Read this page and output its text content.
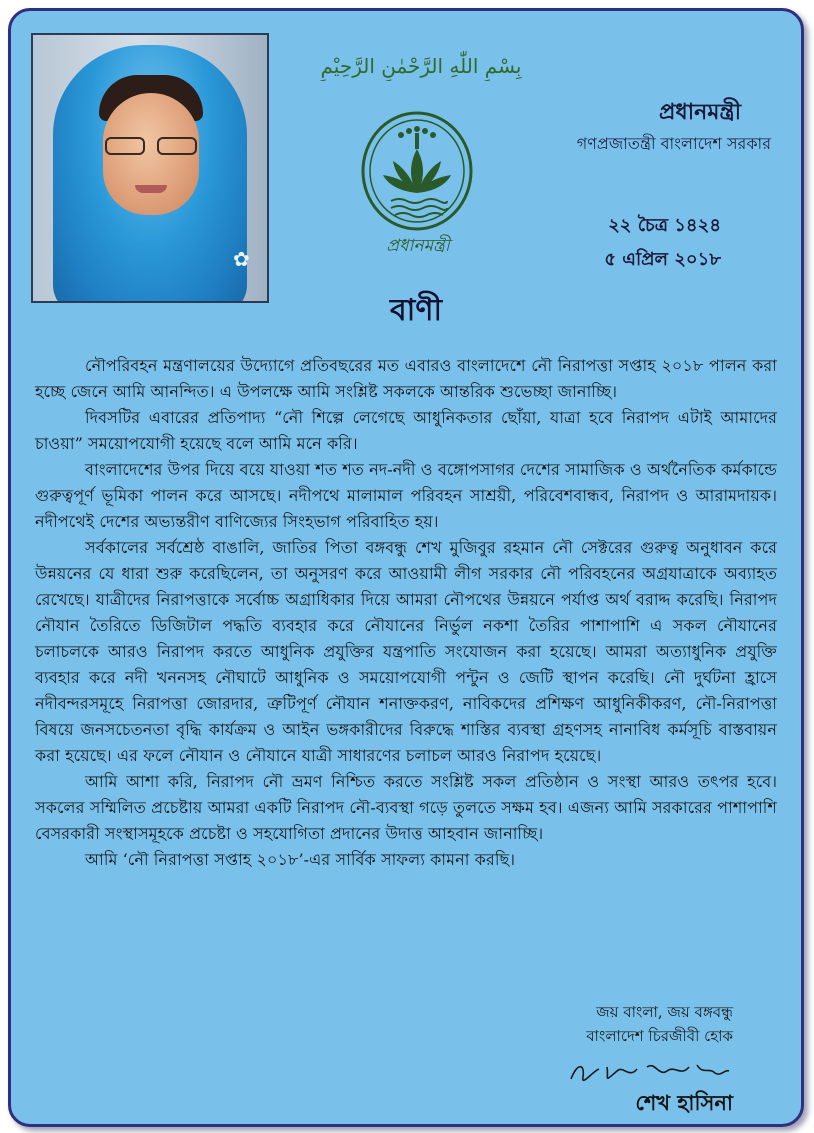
✿
بِسْمِ اللّٰهِ الرَّحْمٰنِ الرَّحِيْمِ
প্রধানমন্ত্রী
প্রধানমন্ত্রী
গণপ্রজাতন্ত্রী বাংলাদেশ সরকার
২২ চৈত্র ১৪২৪
৫ এপ্রিল ২০১৮
বাণী

নৌপরিবহন মন্ত্রণালয়ের উদ্যোগে প্রতিবছরের মত এবারও বাংলাদেশে নৌ নিরাপত্তা সপ্তাহ ২০১৮ পালন করা হচ্ছে জেনে আমি আনন্দিত। এ উপলক্ষে আমি সংশ্লিষ্ট সকলকে আন্তরিক শুভেচ্ছা জানাচ্ছি।

দিবসটির এবারের প্রতিপাদ্য “নৌ শিল্পে লেগেছে আধুনিকতার ছোঁয়া, যাত্রা হবে নিরাপদ এটাই আমাদের চাওয়া” সময়োপযোগী হয়েছে বলে আমি মনে করি।

বাংলাদেশের উপর দিয়ে বয়ে যাওয়া শত শত নদ-নদী ও বঙ্গোপসাগর দেশের সামাজিক ও অর্থনৈতিক কর্মকান্ডে গুরুত্বপূর্ণ ভূমিকা পালন করে আসছে। নদীপথে মালামাল পরিবহন সাশ্রয়ী, পরিবেশবান্ধব, নিরাপদ ও আরামদায়ক। নদীপথেই দেশের অভ্যন্তরীণ বাণিজ্যের সিংহভাগ পরিবাহিত হয়।

সর্বকালের সর্বশ্রেষ্ঠ বাঙালি, জাতির পিতা বঙ্গবন্ধু শেখ মুজিবুর রহমান নৌ সেক্টরের গুরুত্ব অনুধাবন করে উন্নয়নের যে ধারা শুরু করেছিলেন, তা অনুসরণ করে আওয়ামী লীগ সরকার নৌ পরিবহনের অগ্রযাত্রাকে অব্যাহত রেখেছে। যাত্রীদের নিরাপত্তাকে সর্বোচ্চ অগ্রাধিকার দিয়ে আমরা নৌপথের উন্নয়নে পর্যাপ্ত অর্থ বরাদ্দ করেছি। নিরাপদ নৌযান তৈরিতে ডিজিটাল পদ্ধতি ব্যবহার করে নৌযানের নির্ভুল নকশা তৈরির পাশাপাশি এ সকল নৌযানের চলাচলকে আরও নিরাপদ করতে আধুনিক প্রযুক্তির যন্ত্রপাতি সংযোজন করা হয়েছে। আমরা অত্যাধুনিক প্রযুক্তি ব্যবহার করে নদী খননসহ নৌঘাটে আধুনিক ও সময়োপযোগী পন্টুন ও জেটি স্থাপন করেছি। নৌ দুর্ঘটনা হ্রাসে নদীবন্দরসমূহে নিরাপত্তা জোরদার, ত্রুটিপূর্ণ নৌযান শনাক্তকরণ, নাবিকদের প্রশিক্ষণ আধুনিকীকরণ, নৌ-নিরাপত্তা বিষয়ে জনসচেতনতা বৃদ্ধি কার্যক্রম ও আইন ভঙ্গকারীদের বিরুদ্ধে শাস্তির ব্যবস্থা গ্রহণসহ নানাবিধ কর্মসূচি বাস্তবায়ন করা হয়েছে। এর ফলে নৌযান ও নৌযানে যাত্রী সাধারণের চলাচল আরও নিরাপদ হয়েছে।

আমি আশা করি, নিরাপদ নৌ ভ্রমণ নিশ্চিত করতে সংশ্লিষ্ট সকল প্রতিষ্ঠান ও সংস্থা আরও তৎপর হবে। সকলের সম্মিলিত প্রচেষ্টায় আমরা একটি নিরাপদ নৌ-ব্যবস্থা গড়ে তুলতে সক্ষম হব। এজন্য আমি সরকারের পাশাপাশি বেসরকারী সংস্থাসমূহকে প্রচেষ্টা ও সহযোগিতা প্রদানের উদাত্ত আহবান জানাচ্ছি।

আমি ‘নৌ নিরাপত্তা সপ্তাহ ২০১৮’-এর সার্বিক সাফল্য কামনা করছি।

জয় বাংলা, জয় বঙ্গবন্ধু
বাংলাদেশ চিরজীবী হোক
শেখ হাসিনা
